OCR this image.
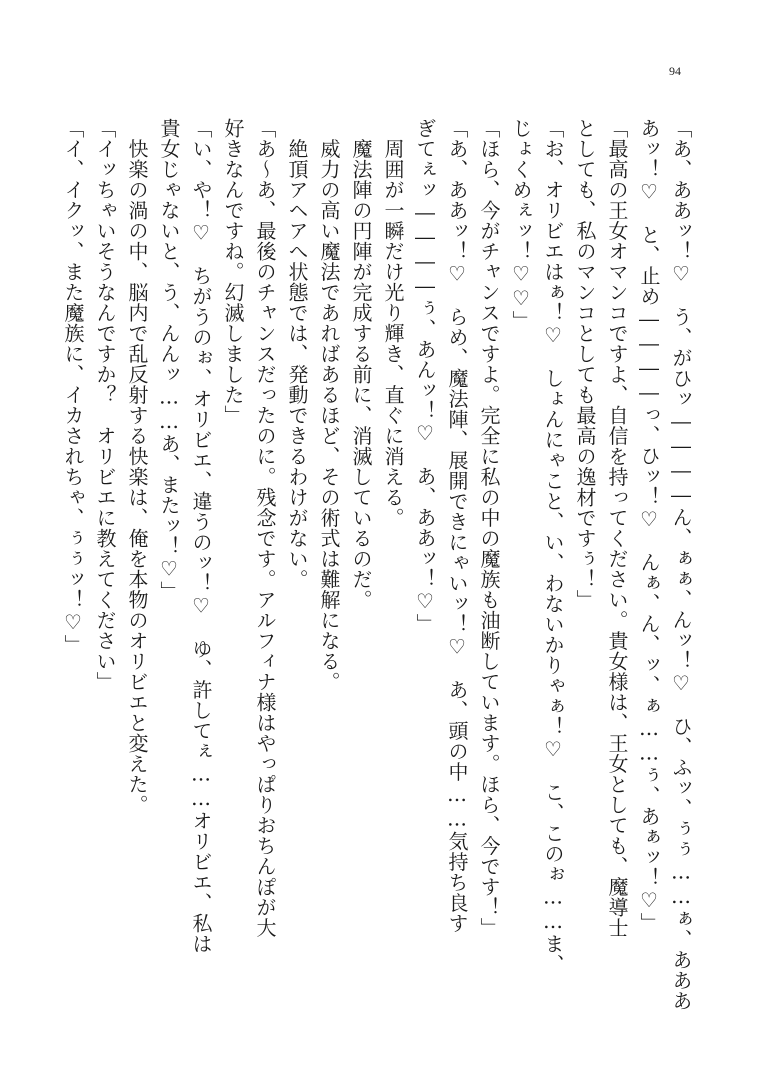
94
「あ、ああッ！♡　う、がひッ――――ん、ぁぁ、んッ！♡　ひ、ふッ、ぅぅ……ぁ、あああ
あッ！♡　と、止め――――っ、ひッ！♡　んぁ、ん、ッ、ぁ……ぅ、あぁッ！♡」
「最高の王女オマンコですよ、自信を持ってください。貴女様は、王女としても、魔導士
としても、私のマンコとしても最高の逸材ですぅ！」
「お、オリビエはぁ！♡　しょんにゃこと、い、わないかりゃぁ！♡　こ、このぉ……ま、
じょくめぇッ！♡♡」
「ほら、今がチャンスですよ。完全に私の中の魔族も油断しています。ほら、今です！」
「あ、ああッ！♡　らめ、魔法陣、展開できにゃいッ！♡　あ、頭の中……気持ち良す
ぎてぇッ――――ぅ、あんッ！♡　あ、ああッ！♡」
　周囲が一瞬だけ光り輝き、直ぐに消える。
　魔法陣の円陣が完成する前に、消滅しているのだ。
　威力の高い魔法であればあるほど、その術式は難解になる。
　絶頂アヘアへ状態では、発動できるわけがない。
「あ〜あ、最後のチャンスだったのに。残念です。アルフィナ様はやっぱりおちんぽが大
好きなんですね。幻滅しました」
「い、や！♡　ちがうのぉ、オリビエ、違うのッ！♡　ゆ、許してぇ……オリビエ、私は
貴女じゃないと、う、んんッ……あ、またッ！♡」
　快楽の渦の中、脳内で乱反射する快楽は、俺を本物のオリビエと変えた。
「イッちゃいそうなんですか？　オリビエに教えてください」
「イ、イクッ、また魔族に、イカされちゃ、ぅぅッ！♡」
